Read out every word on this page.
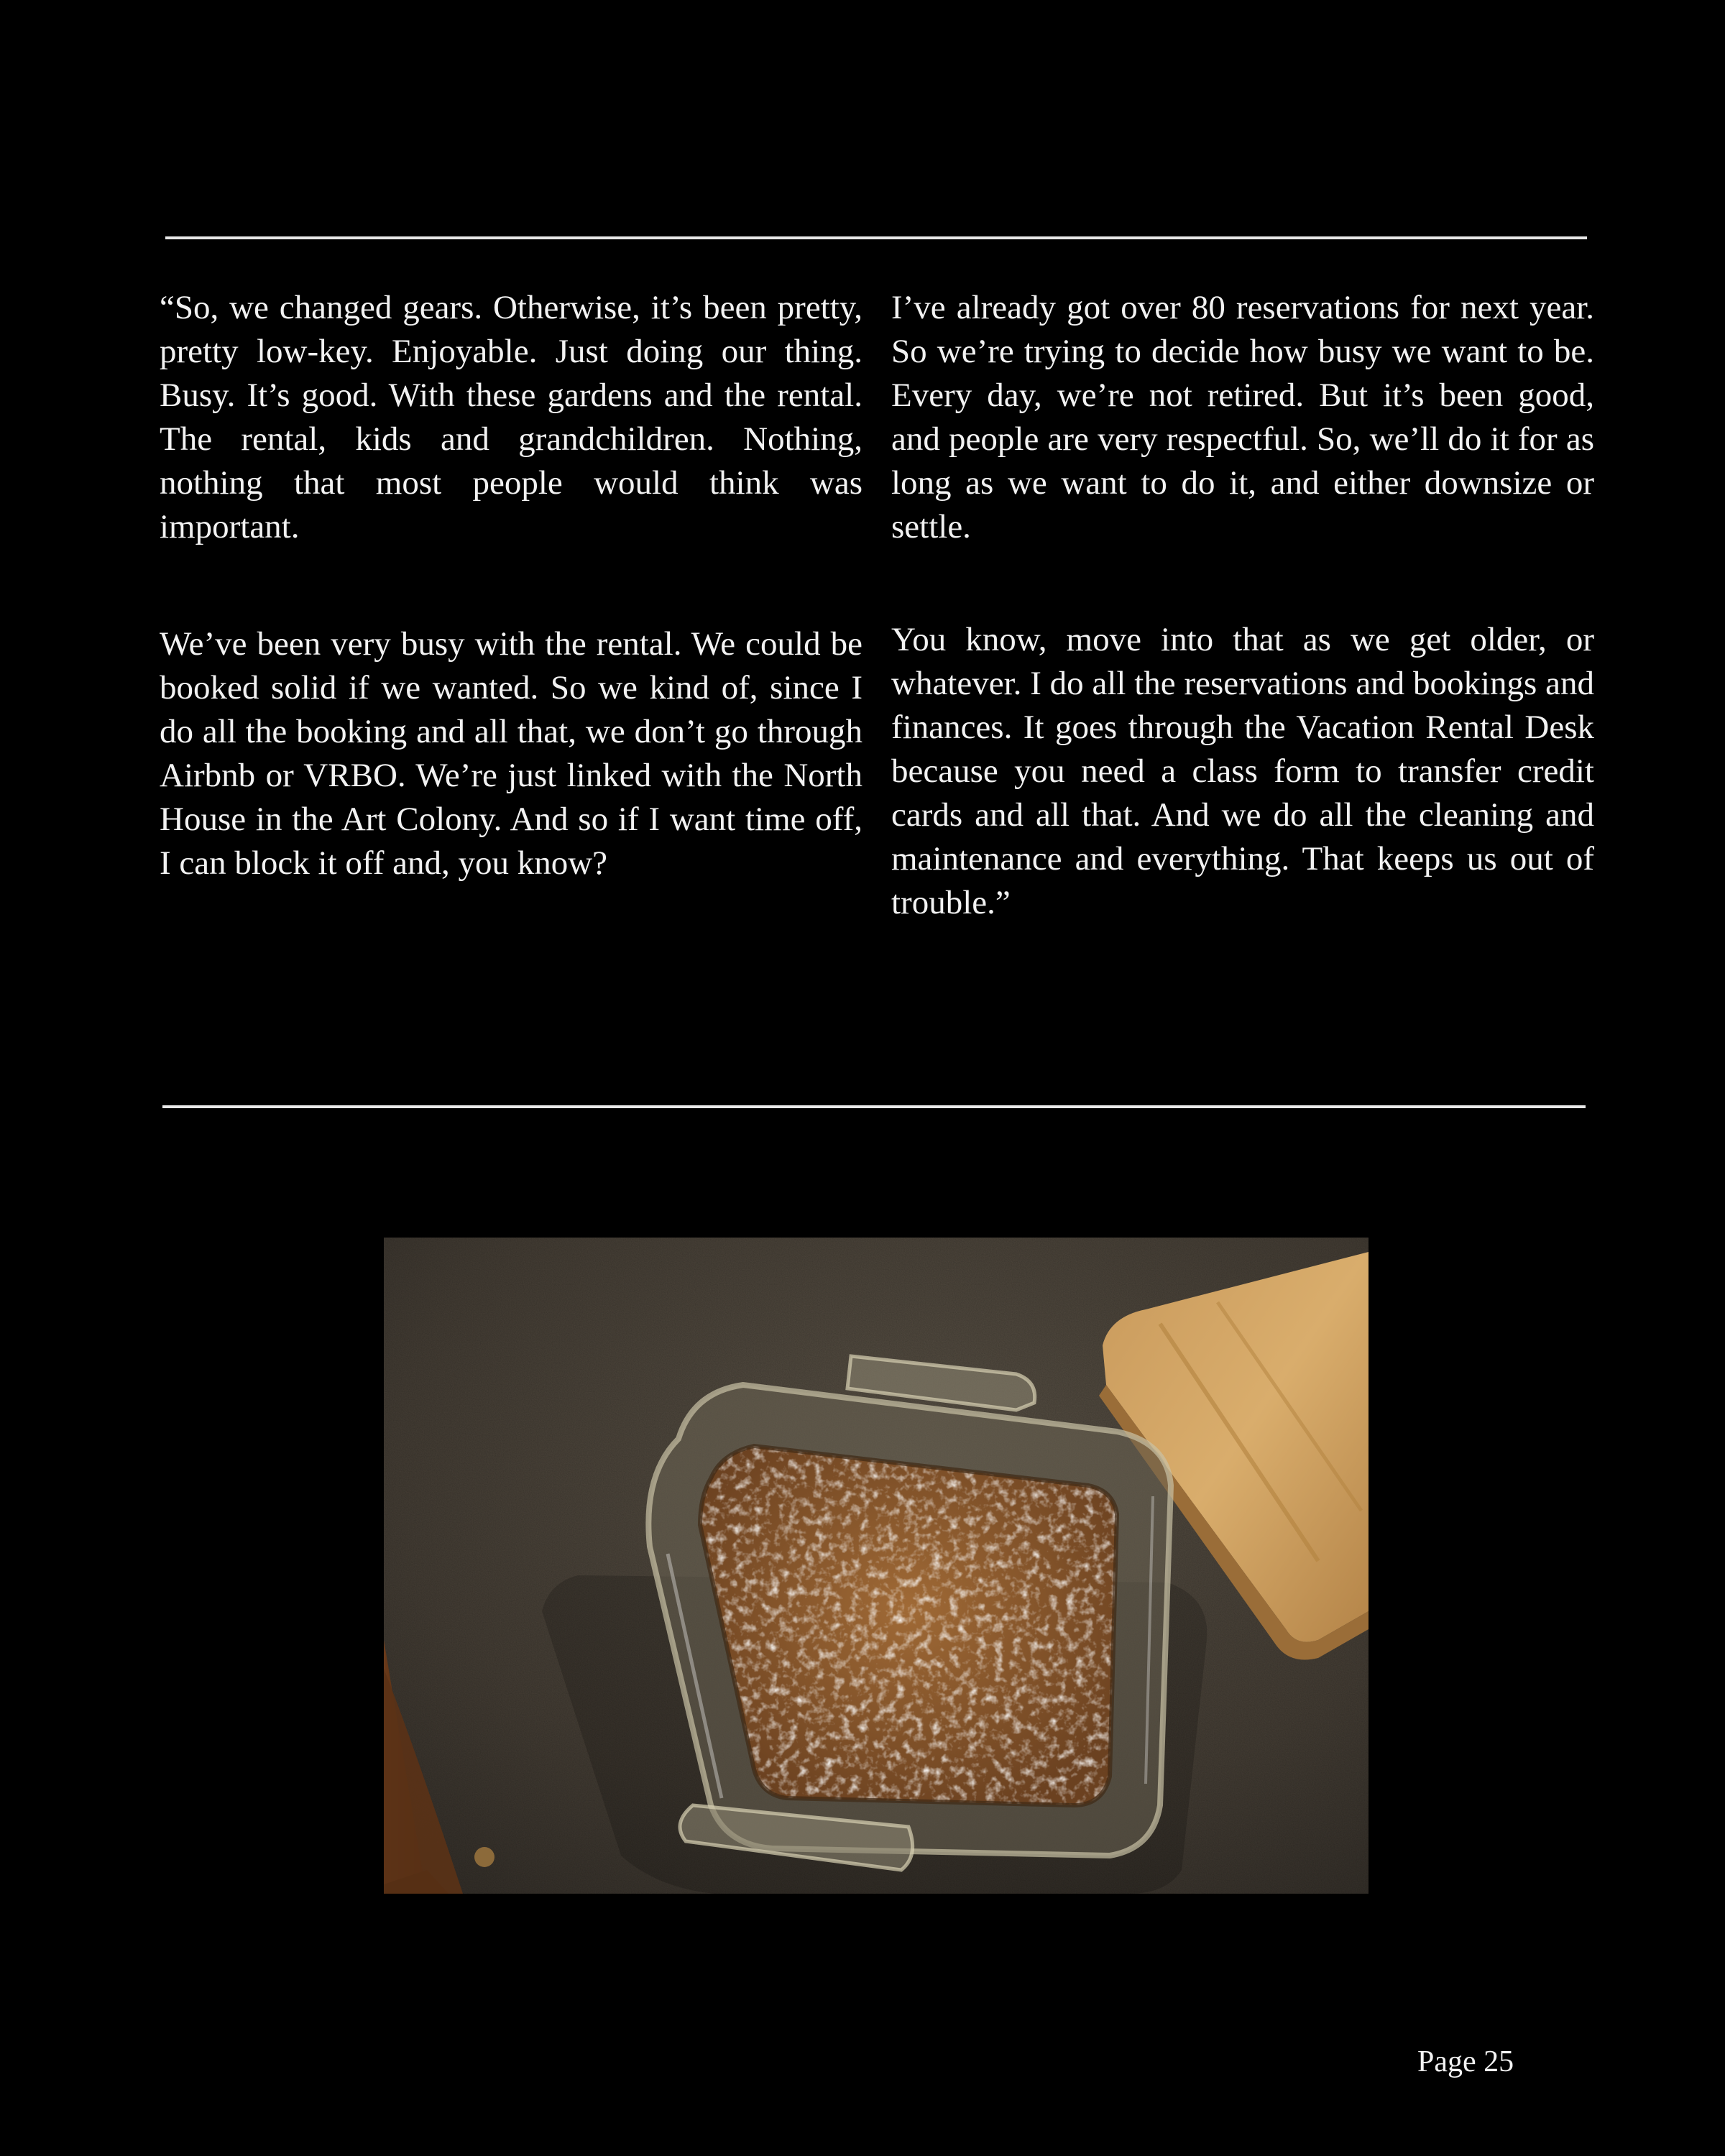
“So, we changed gears. Otherwise, it’s been pretty, pretty low-key. Enjoyable. Just doing our thing. Busy. It’s good. With these gardens and the rental. The rental, kids and grandchildren. Nothing, nothing that most people would think was important.
I’ve already got over 80 reservations for next year. So we’re trying to decide how busy we want to be. Every day, we’re not retired. But it’s been good, and people are very respectful. So, we’ll do it for as long as we want to do it, and either downsize or settle.
We’ve been very busy with the rental. We could be booked solid if we wanted. So we kind of, since I do all the booking and all that, we don’t go through Airbnb or VRBO. We’re just linked with the North House in the Art Colony. And so if I want time off, I can block it off and, you know?
You know, move into that as we get older, or whatever. I do all the reservations and bookings and finances. It goes through the Vacation Rental Desk because you need a class form to transfer credit cards and all that. And we do all the cleaning and maintenance and everything. That keeps us out of trouble.”
Page 25
